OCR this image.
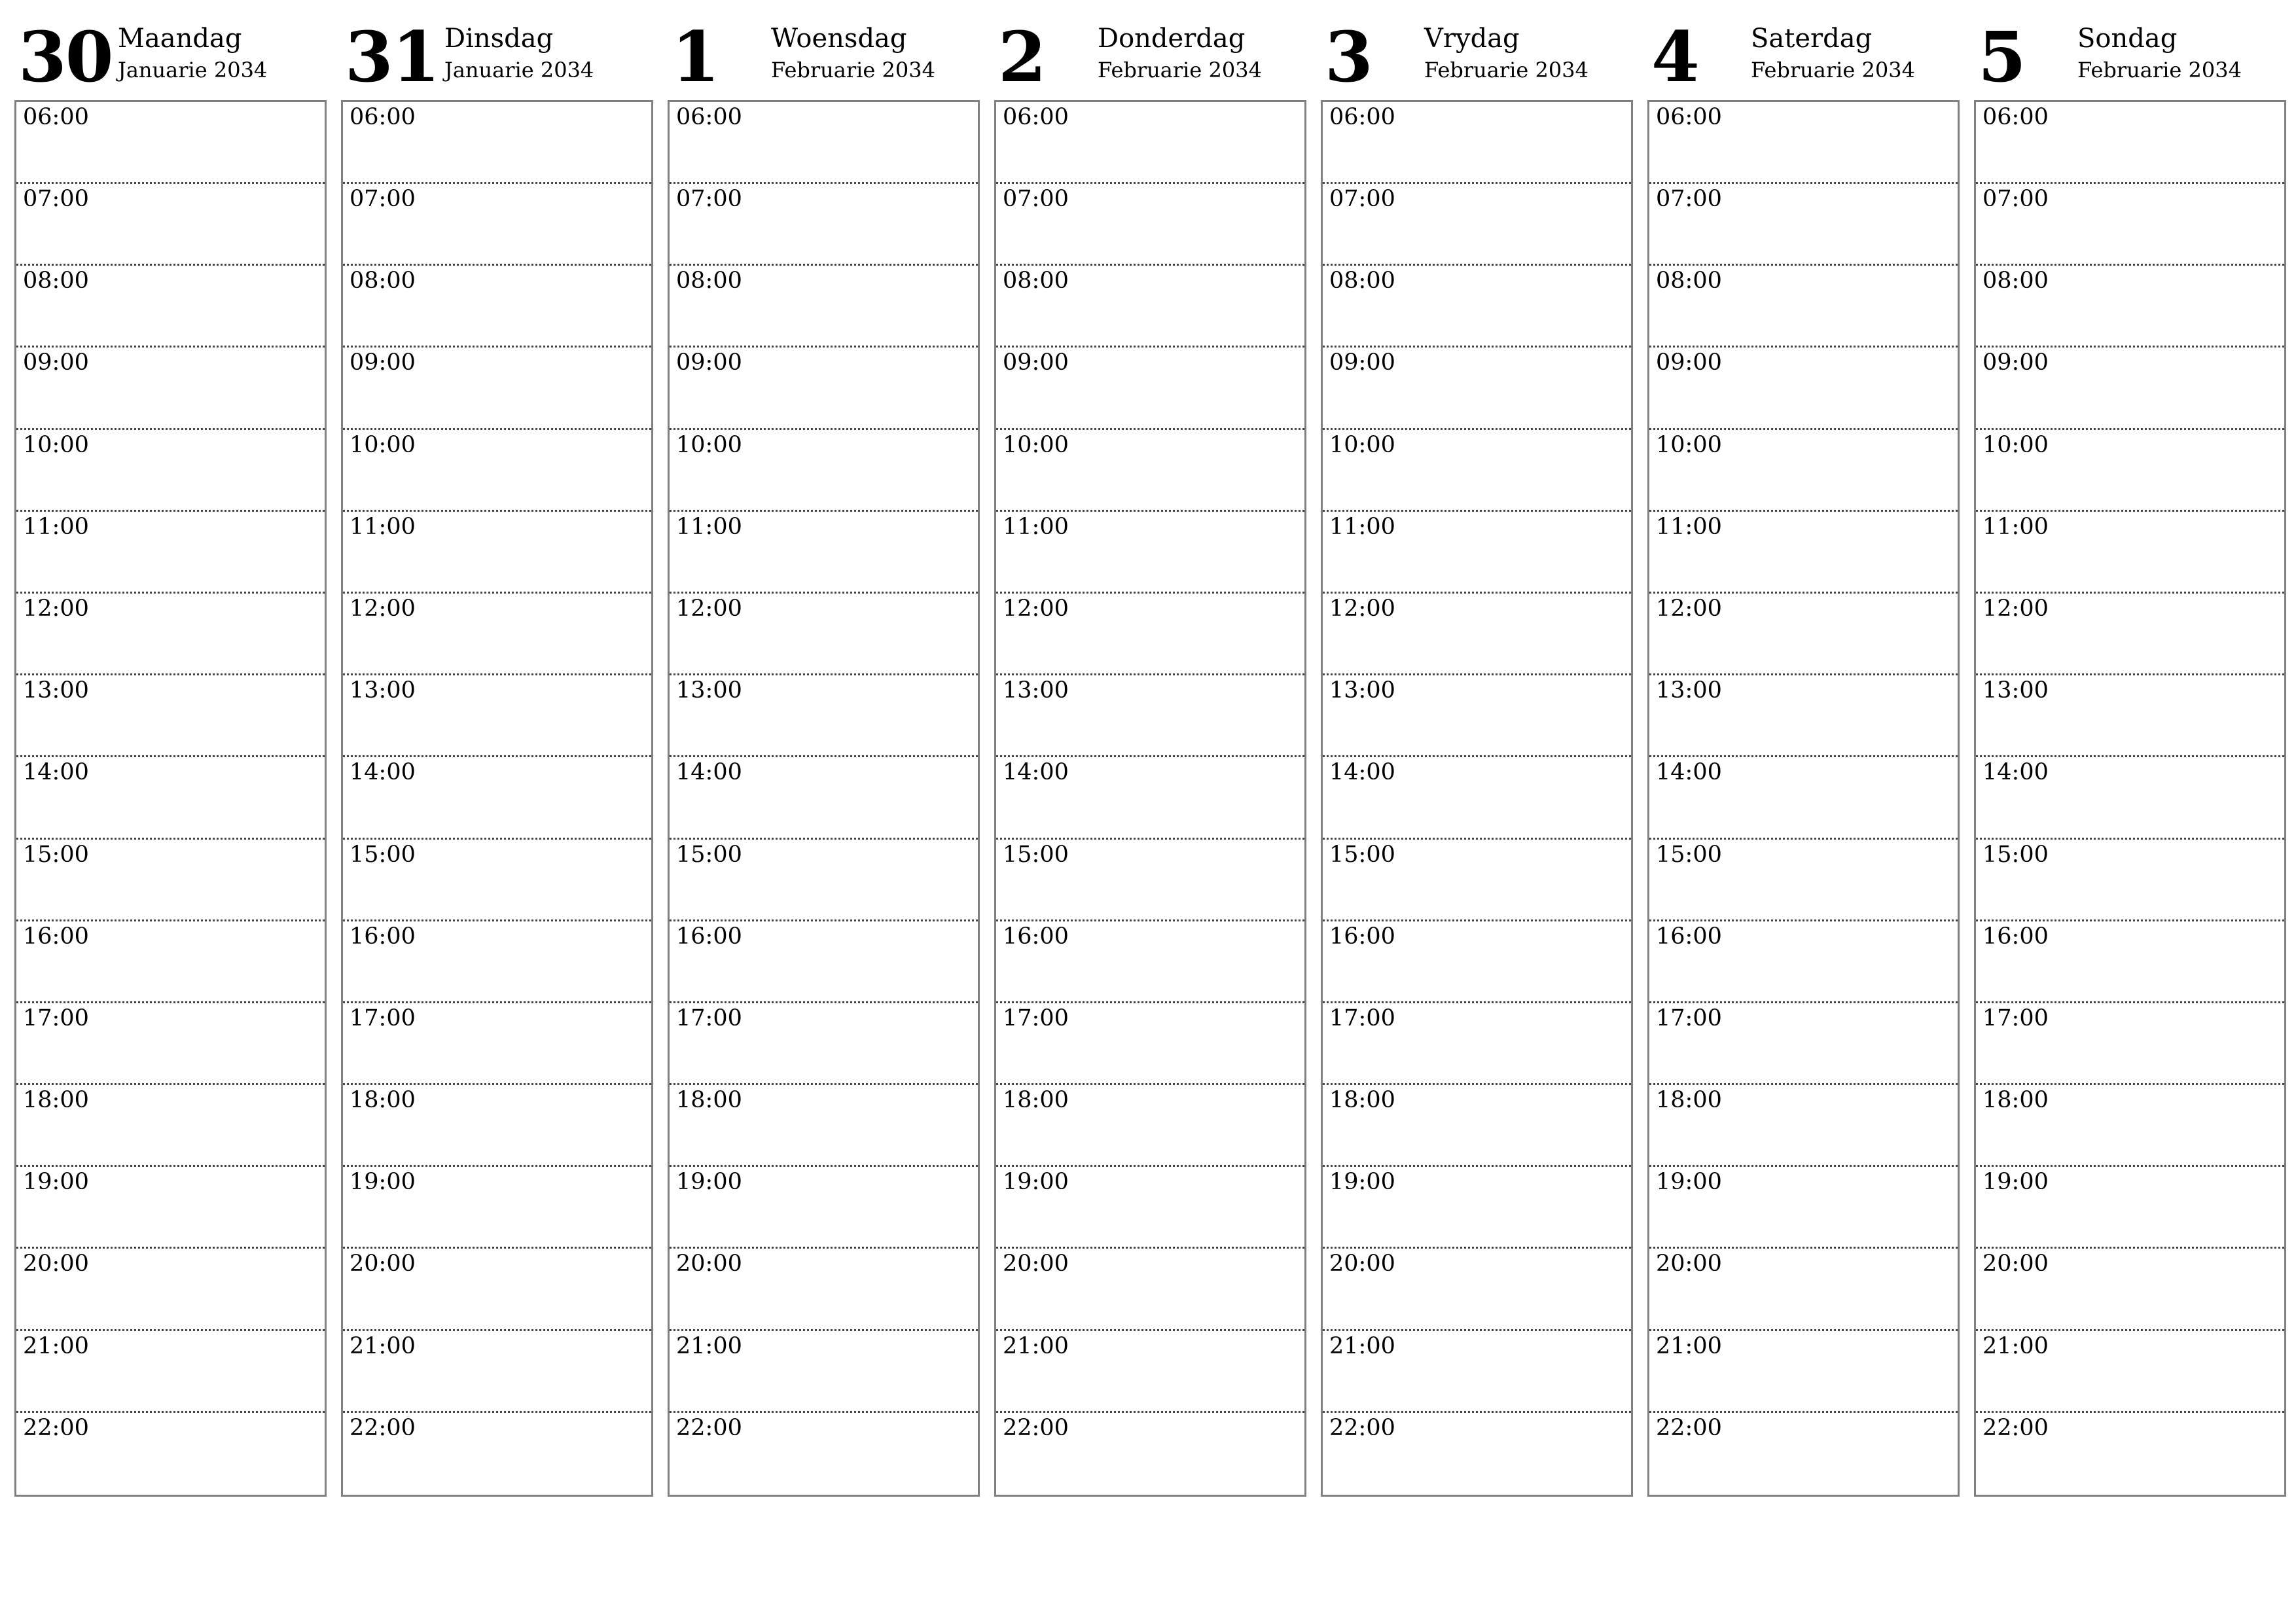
30 Maandag
Januarie 2034
06:00
07:00
08:00
09:00
10:00
11:00
12:00
13:00
14:00
15:00
16:00
17:00
18:00
19:00
20:00
21:00
22:00
31 Dinsdag
Januarie 2034
06:00
07:00
08:00
09:00
10:00
11:00
12:00
13:00
14:00
15:00
16:00
17:00
18:00
19:00
20:00
21:00
22:00
1 Woensdag
Februarie 2034
06:00
07:00
08:00
09:00
10:00
11:00
12:00
13:00
14:00
15:00
16:00
17:00
18:00
19:00
20:00
21:00
22:00
2 Donderdag
Februarie 2034
06:00
07:00
08:00
09:00
10:00
11:00
12:00
13:00
14:00
15:00
16:00
17:00
18:00
19:00
20:00
21:00
22:00
3 Vrydag
Februarie 2034
06:00
07:00
08:00
09:00
10:00
11:00
12:00
13:00
14:00
15:00
16:00
17:00
18:00
19:00
20:00
21:00
22:00
4 Saterdag
Februarie 2034
06:00
07:00
08:00
09:00
10:00
11:00
12:00
13:00
14:00
15:00
16:00
17:00
18:00
19:00
20:00
21:00
22:00
5 Sondag
Februarie 2034
06:00
07:00
08:00
09:00
10:00
11:00
12:00
13:00
14:00
15:00
16:00
17:00
18:00
19:00
20:00
21:00
22:00
